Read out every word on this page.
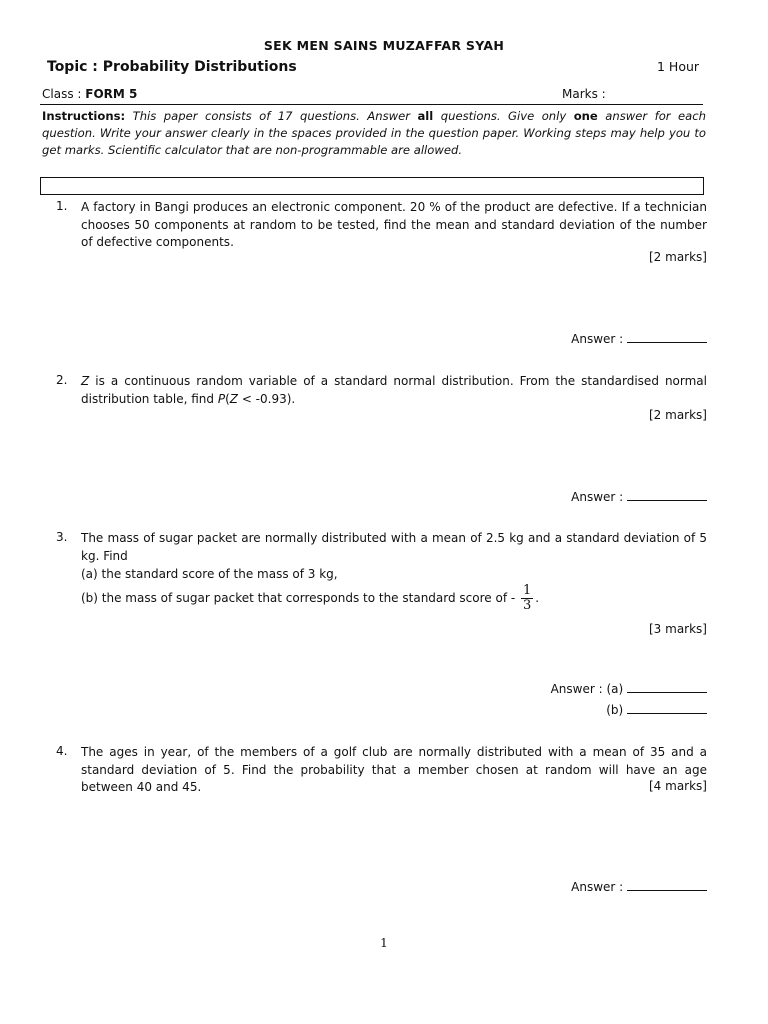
SEK MEN SAINS MUZAFFAR SYAH
Topic : Probability Distributions	1 Hour
Class : FORM 5	Marks :
Instructions: This paper consists of 17 questions. Answer all questions. Give only one answer for each question. Write your answer clearly in the spaces provided in the question paper. Working steps may help you to get marks. Scientific calculator that are non-programmable are allowed.
1. A factory in Bangi produces an electronic component. 20 % of the product are defective. If a technician chooses 50 components at random to be tested, find the mean and standard deviation of the number of defective components.
[2 marks]
Answer :
2. Z is a continuous random variable of a standard normal distribution. From the standardised normal distribution table, find P(Z < -0.93).
[2 marks]
Answer :
3. The mass of sugar packet are normally distributed with a mean of 2.5 kg and a standard deviation of 5 kg. Find
(a) the standard score of the mass of 3 kg,
(b) the mass of sugar packet that corresponds to the standard score of - $\frac{1}{3}$ .
[3 marks]
Answer : (a)
(b)
4. The ages in year, of the members of a golf club are normally distributed with a mean of 35 and a standard deviation of 5. Find the probability that a member chosen at random will have an age between 40 and 45.	[4 marks]
Answer :
1
